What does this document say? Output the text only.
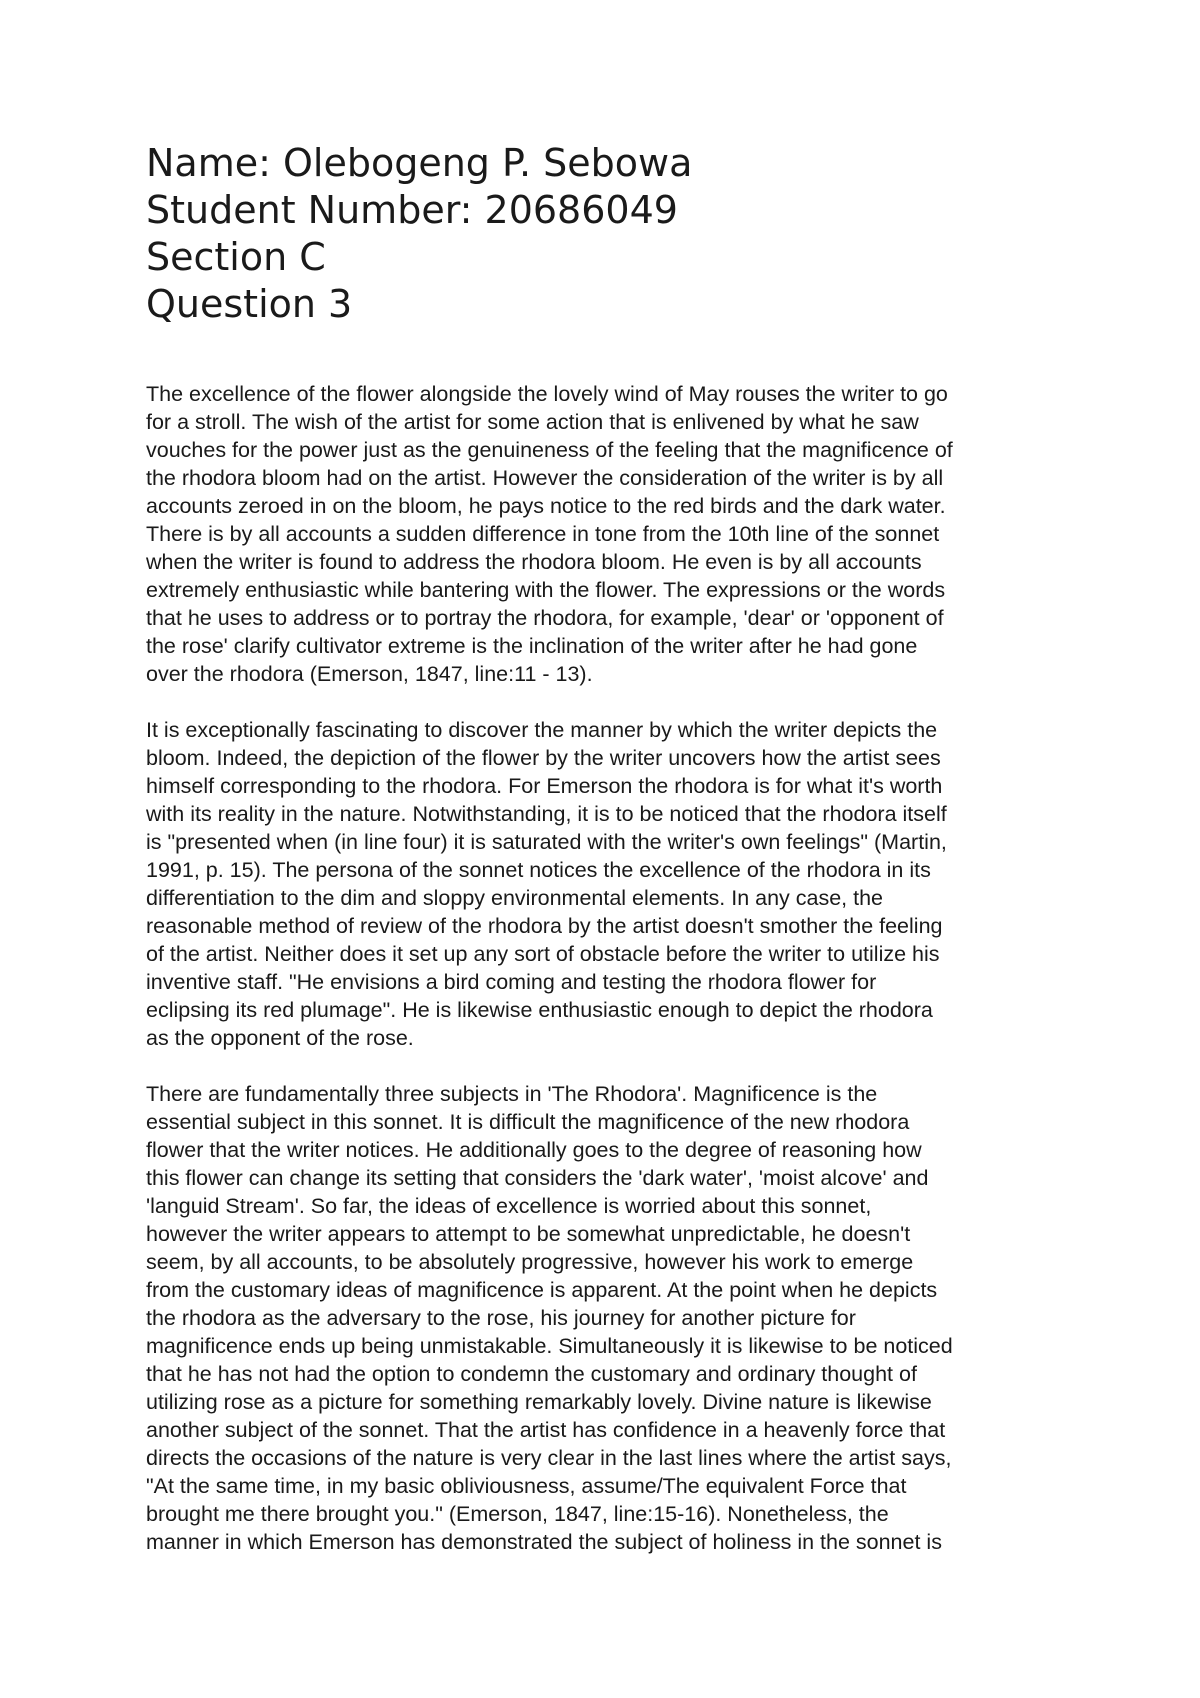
Name: Olebogeng P. Sebowa
Student Number: 20686049
Section C
Question 3
The excellence of the flower alongside the lovely wind of May rouses the writer to go
for a stroll. The wish of the artist for some action that is enlivened by what he saw
vouches for the power just as the genuineness of the feeling that the magnificence of
the rhodora bloom had on the artist. However the consideration of the writer is by all
accounts zeroed in on the bloom, he pays notice to the red birds and the dark water.
There is by all accounts a sudden difference in tone from the 10th line of the sonnet
when the writer is found to address the rhodora bloom. He even is by all accounts
extremely enthusiastic while bantering with the flower. The expressions or the words
that he uses to address or to portray the rhodora, for example, 'dear' or 'opponent of
the rose' clarify cultivator extreme is the inclination of the writer after he had gone
over the rhodora (Emerson, 1847, line:11 - 13).
It is exceptionally fascinating to discover the manner by which the writer depicts the
bloom. Indeed, the depiction of the flower by the writer uncovers how the artist sees
himself corresponding to the rhodora. For Emerson the rhodora is for what it's worth
with its reality in the nature. Notwithstanding, it is to be noticed that the rhodora itself
is "presented when (in line four) it is saturated with the writer's own feelings" (Martin,
1991, p. 15). The persona of the sonnet notices the excellence of the rhodora in its
differentiation to the dim and sloppy environmental elements. In any case, the
reasonable method of review of the rhodora by the artist doesn't smother the feeling
of the artist. Neither does it set up any sort of obstacle before the writer to utilize his
inventive staff. "He envisions a bird coming and testing the rhodora flower for
eclipsing its red plumage". He is likewise enthusiastic enough to depict the rhodora
as the opponent of the rose.
There are fundamentally three subjects in 'The Rhodora'. Magnificence is the
essential subject in this sonnet. It is difficult the magnificence of the new rhodora
flower that the writer notices. He additionally goes to the degree of reasoning how
this flower can change its setting that considers the 'dark water', 'moist alcove' and
'languid Stream'. So far, the ideas of excellence is worried about this sonnet,
however the writer appears to attempt to be somewhat unpredictable, he doesn't
seem, by all accounts, to be absolutely progressive, however his work to emerge
from the customary ideas of magnificence is apparent. At the point when he depicts
the rhodora as the adversary to the rose, his journey for another picture for
magnificence ends up being unmistakable. Simultaneously it is likewise to be noticed
that he has not had the option to condemn the customary and ordinary thought of
utilizing rose as a picture for something remarkably lovely. Divine nature is likewise
another subject of the sonnet. That the artist has confidence in a heavenly force that
directs the occasions of the nature is very clear in the last lines where the artist says,
"At the same time, in my basic obliviousness, assume/The equivalent Force that
brought me there brought you." (Emerson, 1847, line:15-16). Nonetheless, the
manner in which Emerson has demonstrated the subject of holiness in the sonnet is
